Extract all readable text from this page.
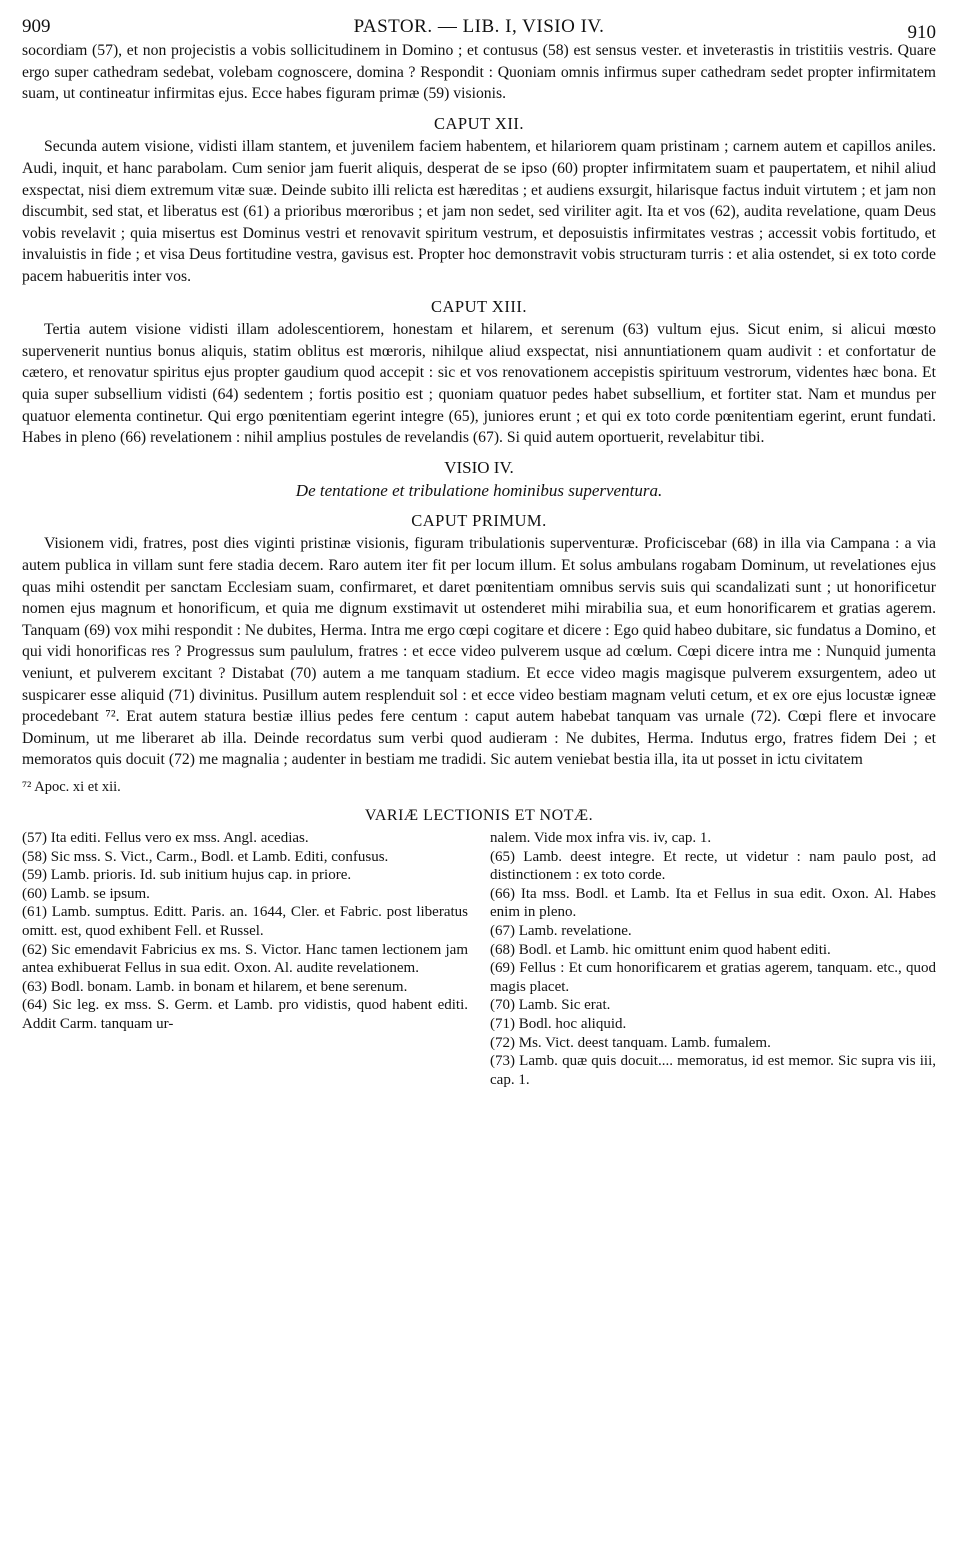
909	PASTOR. — LIB. I, VISIO IV.	910

socordiam (57), et non projecistis a vobis sollicitudinem in Domino ; et contusus (58) est sensus vester. et inveterastis in tristitiis vestris. Quare ergo super cathedram sedebat, volebam cognoscere, domina ? Respondit : Quoniam omnis infirmus super cathedram sedet propter infirmitatem suam, ut contineatur infirmitas ejus. Ecce habes figuram primæ (59) visionis.

CAPUT XII.

Secunda autem visione, vidisti illam stantem, et juvenilem faciem habentem, et hilariorem quam pristinam ; carnem autem et capillos aniles. Audi, inquit, et hanc parabolam. Cum senior jam fuerit aliquis, desperat de se ipso (60) propter infirmitatem suam et paupertatem, et nihil aliud exspectat, nisi diem extremum vitæ suæ. Deinde subito illi relicta est hæreditas ; et audiens exsurgit, hilarisque factus induit virtutem ; et jam non discumbit, sed stat, et liberatus est (61) a prioribus mœroribus ; et jam non sedet, sed viriliter agit. Ita et vos (62), audita revelatione, quam Deus vobis revelavit ; quia misertus est Dominus vestri et renovavit spiritum vestrum, et deposuistis infirmitates vestras ; accessit vobis fortitudo, et invaluistis in fide ; et visa Deus fortitudine vestra, gavisus est. Propter hoc demonstravit vobis structuram turris : et alia ostendet, si ex toto corde pacem habueritis inter vos.

CAPUT XIII.

Tertia autem visione vidisti illam adolescentiorem, honestam et hilarem, et serenum (63) vultum ejus. Sicut enim, si alicui mœsto supervenerit nuntius bonus aliquis, statim oblitus est mœroris, nihilque aliud exspectat, nisi annuntiationem quam audivit : et confortatur de cætero, et renovatur spiritus ejus propter gaudium quod accepit : sic et vos renovationem accepistis spirituum vestrorum, videntes hæc bona. Et quia super subsellium vidisti (64) sedentem ; fortis positio est ; quoniam quatuor pedes habet subsellium, et fortiter stat. Nam et mundus per quatuor elementa continetur. Qui ergo pœnitentiam egerint integre (65), juniores erunt ; et qui ex toto corde pœnitentiam egerint, erunt fundati. Habes in pleno (66) revelationem : nihil amplius postules de revelandis (67). Si quid autem oportuerit, revelabitur tibi.

VISIO IV.
De tentatione et tribulatione hominibus superventura.
CAPUT PRIMUM.

Visionem vidi, fratres, post dies viginti pristinæ visionis, figuram tribulationis superventuræ. Proficiscebar (68) in illa via Campana : a via autem publica in villam sunt fere stadia decem. Raro autem iter fit per locum illum. Et solus ambulans rogabam Dominum, ut revelationes ejus quas mihi ostendit per sanctam Ecclesiam suam, confirmaret, et daret pœnitentiam omnibus servis suis qui scandalizati sunt ; ut honorificetur nomen ejus magnum et honorificum, et quia me dignum exstimavit ut ostenderet mihi mirabilia sua, et eum honorificarem et gratias agerem. Tanquam (69) vox mihi respondit : Ne dubites, Herma. Intra me ergo cœpi cogitare et dicere : Ego quid habeo dubitare, sic fundatus a Domino, et qui vidi honorificas res ? Progressus sum paululum, fratres : et ecce video pulverem usque ad cœlum. Cœpi dicere intra me : Nunquid jumenta veniunt, et pulverem excitant ? Distabat (70) autem a me tanquam stadium. Et ecce video magis magisque pulverem exsurgentem, adeo ut suspicarer esse aliquid (71) divinitus. Pusillum autem resplenduit sol : et ecce video bestiam magnam veluti cetum, et ex ore ejus locustæ igneæ procedebant ⁷². Erat autem statura bestiæ illius pedes fere centum : caput autem habebat tanquam vas urnale (72). Cœpi flere et invocare Dominum, ut me liberaret ab illa. Deinde recordatus sum verbi quod audieram : Ne dubites, Herma. Indutus ergo, fratres fidem Dei ; et memoratos quis docuit (72) me magnalia ; audenter in bestiam me tradidi. Sic autem veniebat bestia illa, ita ut posset in ictu civitatem

⁷² Apoc. xi et xii.
VARIÆ LECTIONIS ET NOTÆ.

(57) Ita editi. Fellus vero ex mss. Angl. acedias.

(58) Sic mss. S. Vict., Carm., Bodl. et Lamb. Editi, confusus.

(59) Lamb. prioris. Id. sub initium hujus cap. in priore.

(60) Lamb. se ipsum.

(61) Lamb. sumptus. Editt. Paris. an. 1644, Cler. et Fabric. post liberatus omitt. est, quod exhibent Fell. et Russel.

(62) Sic emendavit Fabricius ex ms. S. Victor. Hanc tamen lectionem jam antea exhibuerat Fellus in sua edit. Oxon. Al. audite revelationem.

(63) Bodl. bonam. Lamb. in bonam et hilarem, et bene serenum.

(64) Sic leg. ex mss. S. Germ. et Lamb. pro vidistis, quod habent editi. Addit Carm. tanquam ur-

nalem. Vide mox infra vis. iv, cap. 1.

(65) Lamb. deest integre. Et recte, ut videtur : nam paulo post, ad distinctionem : ex toto corde.

(66) Ita mss. Bodl. et Lamb. Ita et Fellus in sua edit. Oxon. Al. Habes enim in pleno.

(67) Lamb. revelatione.

(68) Bodl. et Lamb. hic omittunt enim quod habent editi.

(69) Fellus : Et cum honorificarem et gratias agerem, tanquam. etc., quod magis placet.

(70) Lamb. Sic erat.

(71) Bodl. hoc aliquid.

(72) Ms. Vict. deest tanquam. Lamb. fumalem.

(73) Lamb. quæ quis docuit.... memoratus, id est memor. Sic supra vis iii, cap. 1.
